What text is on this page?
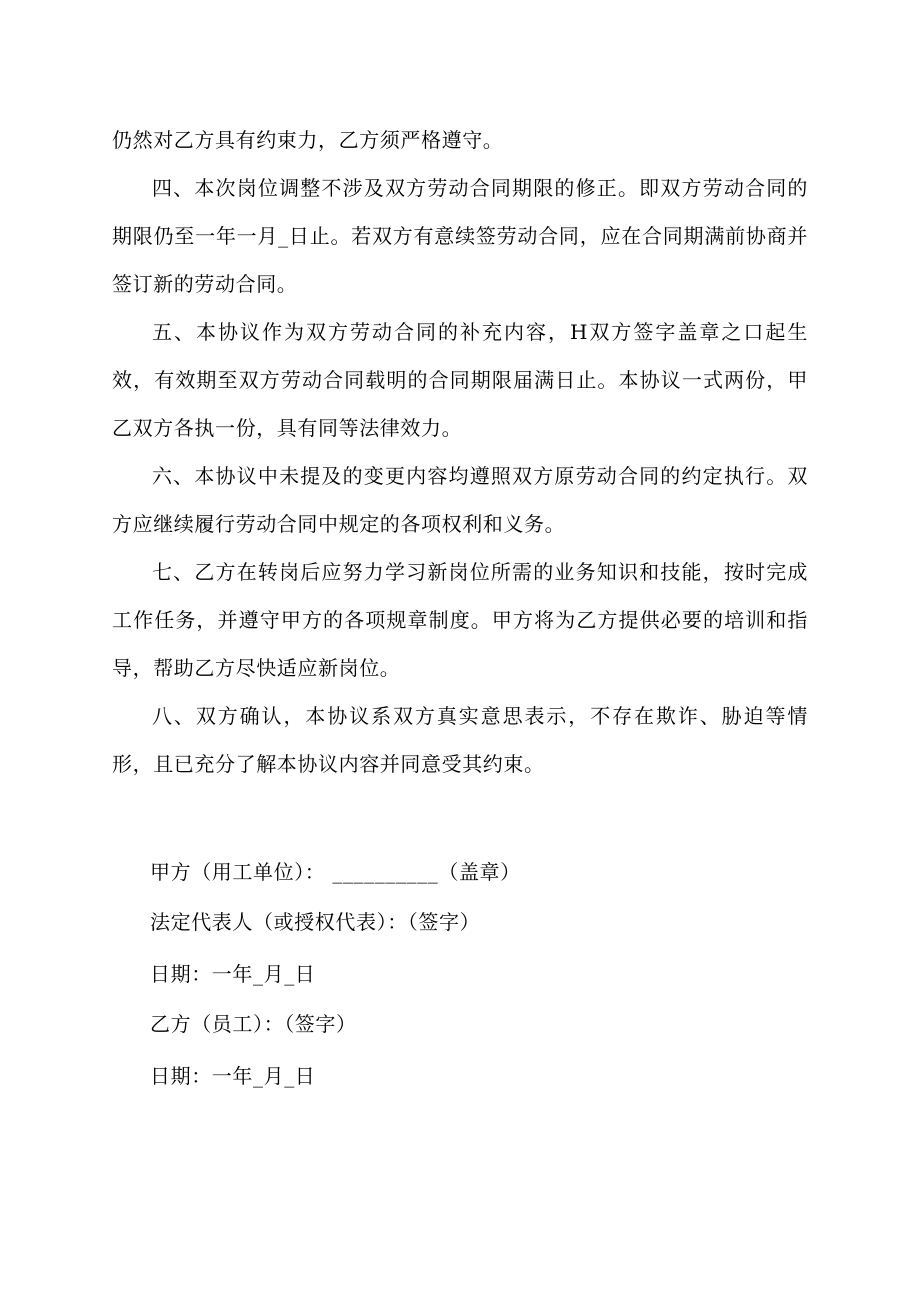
仍然对乙方具有约束力，乙方须严格遵守。

四、本次岗位调整不涉及双方劳动合同期限的修正。即双方劳动合同的期限仍至一年一月_日止。若双方有意续签劳动合同，应在合同期满前协商并签订新的劳动合同。

五、本协议作为双方劳动合同的补充内容，H双方签字盖章之口起生效，有效期至双方劳动合同载明的合同期限届满日止。本协议一式两份，甲乙双方各执一份，具有同等法律效力。

六、本协议中未提及的变更内容均遵照双方原劳动合同的约定执行。双方应继续履行劳动合同中规定的各项权利和义务。

七、乙方在转岗后应努力学习新岗位所需的业务知识和技能，按时完成工作任务，并遵守甲方的各项规章制度。甲方将为乙方提供必要的培训和指导，帮助乙方尽快适应新岗位。

八、双方确认，本协议系双方真实意思表示，不存在欺诈、胁迫等情形，且已充分了解本协议内容并同意受其约束。

甲方（用工单位）： __________（盖章）

法定代表人（或授权代表）：（签字）

日期：一年_月_日

乙方（员工）：（签字）

日期：一年_月_日
